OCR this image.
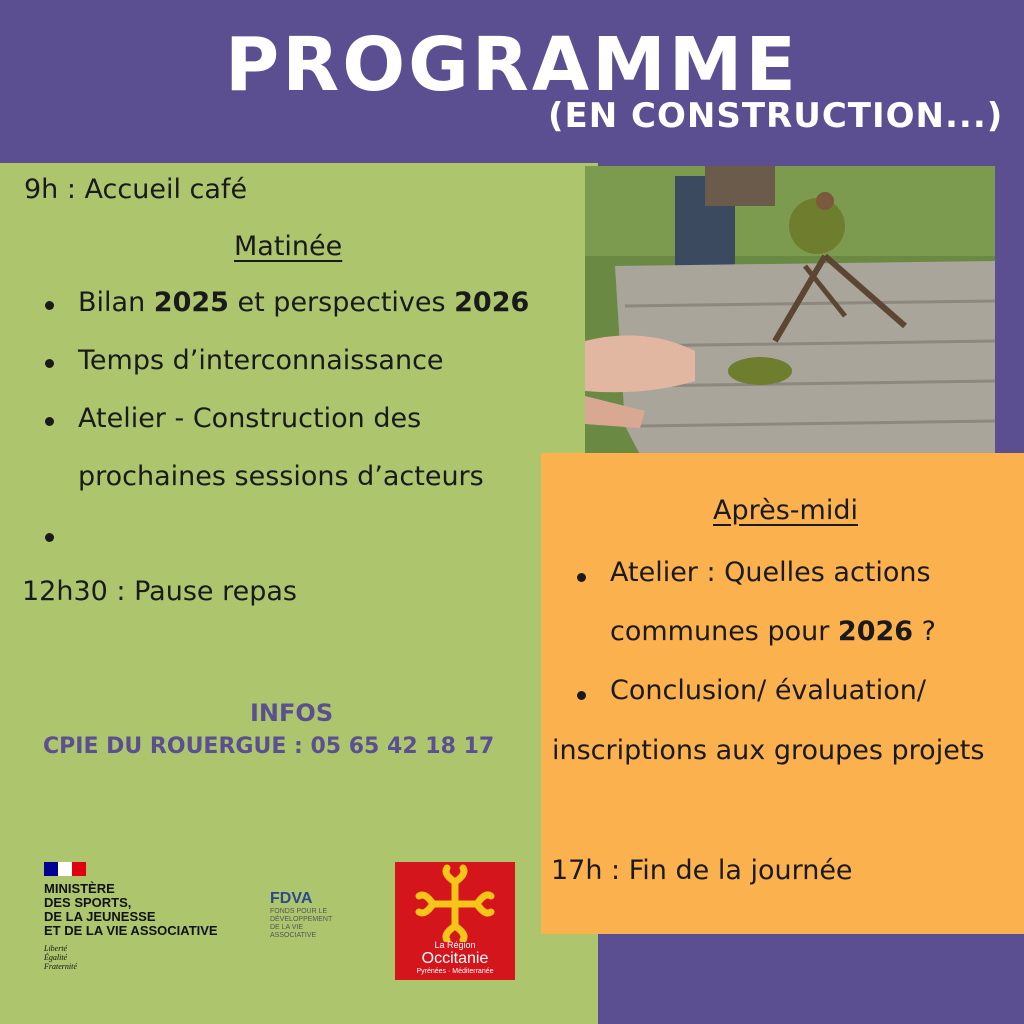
PROGRAMME
(EN CONSTRUCTION...)
9h : Accueil café
Matinée
Bilan 2025 et perspectives 2026
Temps d’interconnaissance
Atelier - Construction des
prochaines sessions d’acteurs
12h30 : Pause repas
INFOS
CPIE DU ROUERGUE : 05 65 42 18 17
Après-midi
Atelier : Quelles actions
communes pour 2026 ?
Conclusion/ évaluation/
inscriptions aux groupes projets
17h : Fin de la journée
MINISTÈRE
DES SPORTS,
DE LA JEUNESSE
ET DE LA VIE ASSOCIATIVE
Liberté
Égalité
Fraternité
FDVA
FONDS POUR LE
DÉVELOPPEMENT
DE LA VIE
ASSOCIATIVE
La Région
Occitanie
Pyrénées · Méditerranée
